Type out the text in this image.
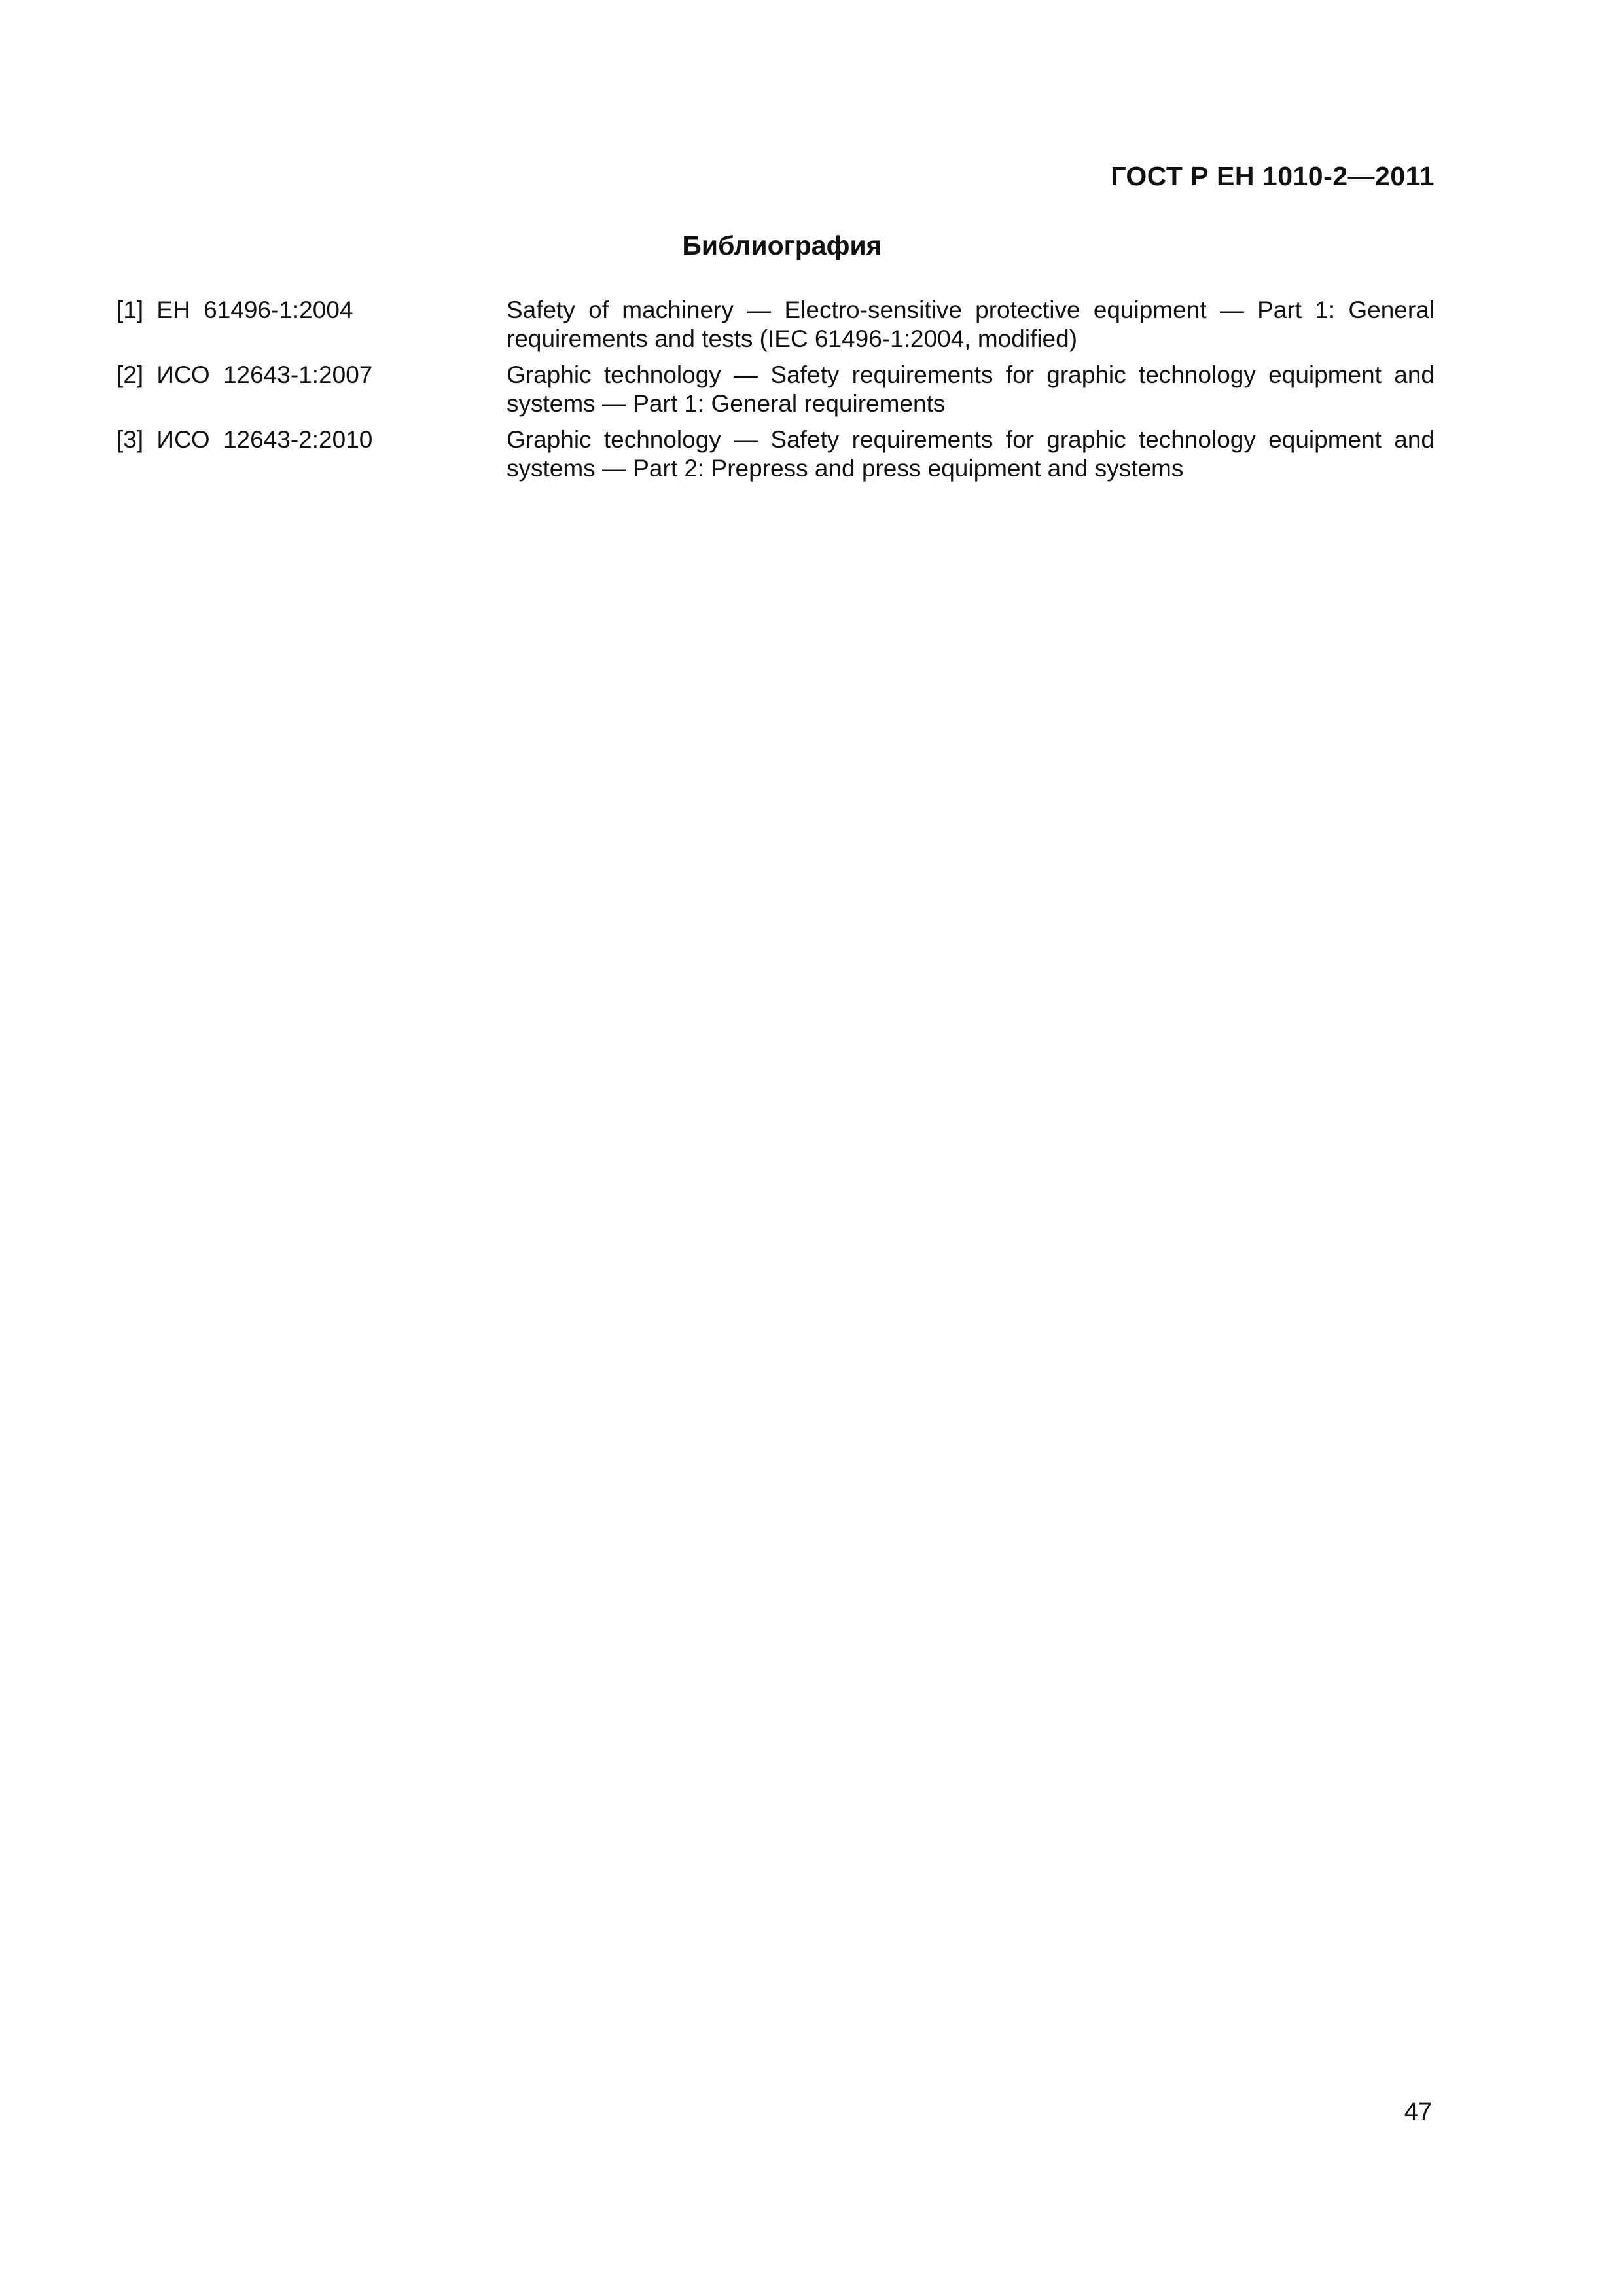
ГОСТ Р ЕН 1010-2—2011
Библиография
[1] ЕН 61496-1:2004	Safety of machinery — Electro-sensitive protective equipment — Part 1: General requirements and tests (IEC 61496-1:2004, modified)
[2] ИСО 12643-1:2007	Graphic technology — Safety requirements for graphic technology equipment and systems — Part 1: General requirements
[3] ИСО 12643-2:2010	Graphic technology — Safety requirements for graphic technology equipment and systems — Part 2: Prepress and press equipment and systems
47
